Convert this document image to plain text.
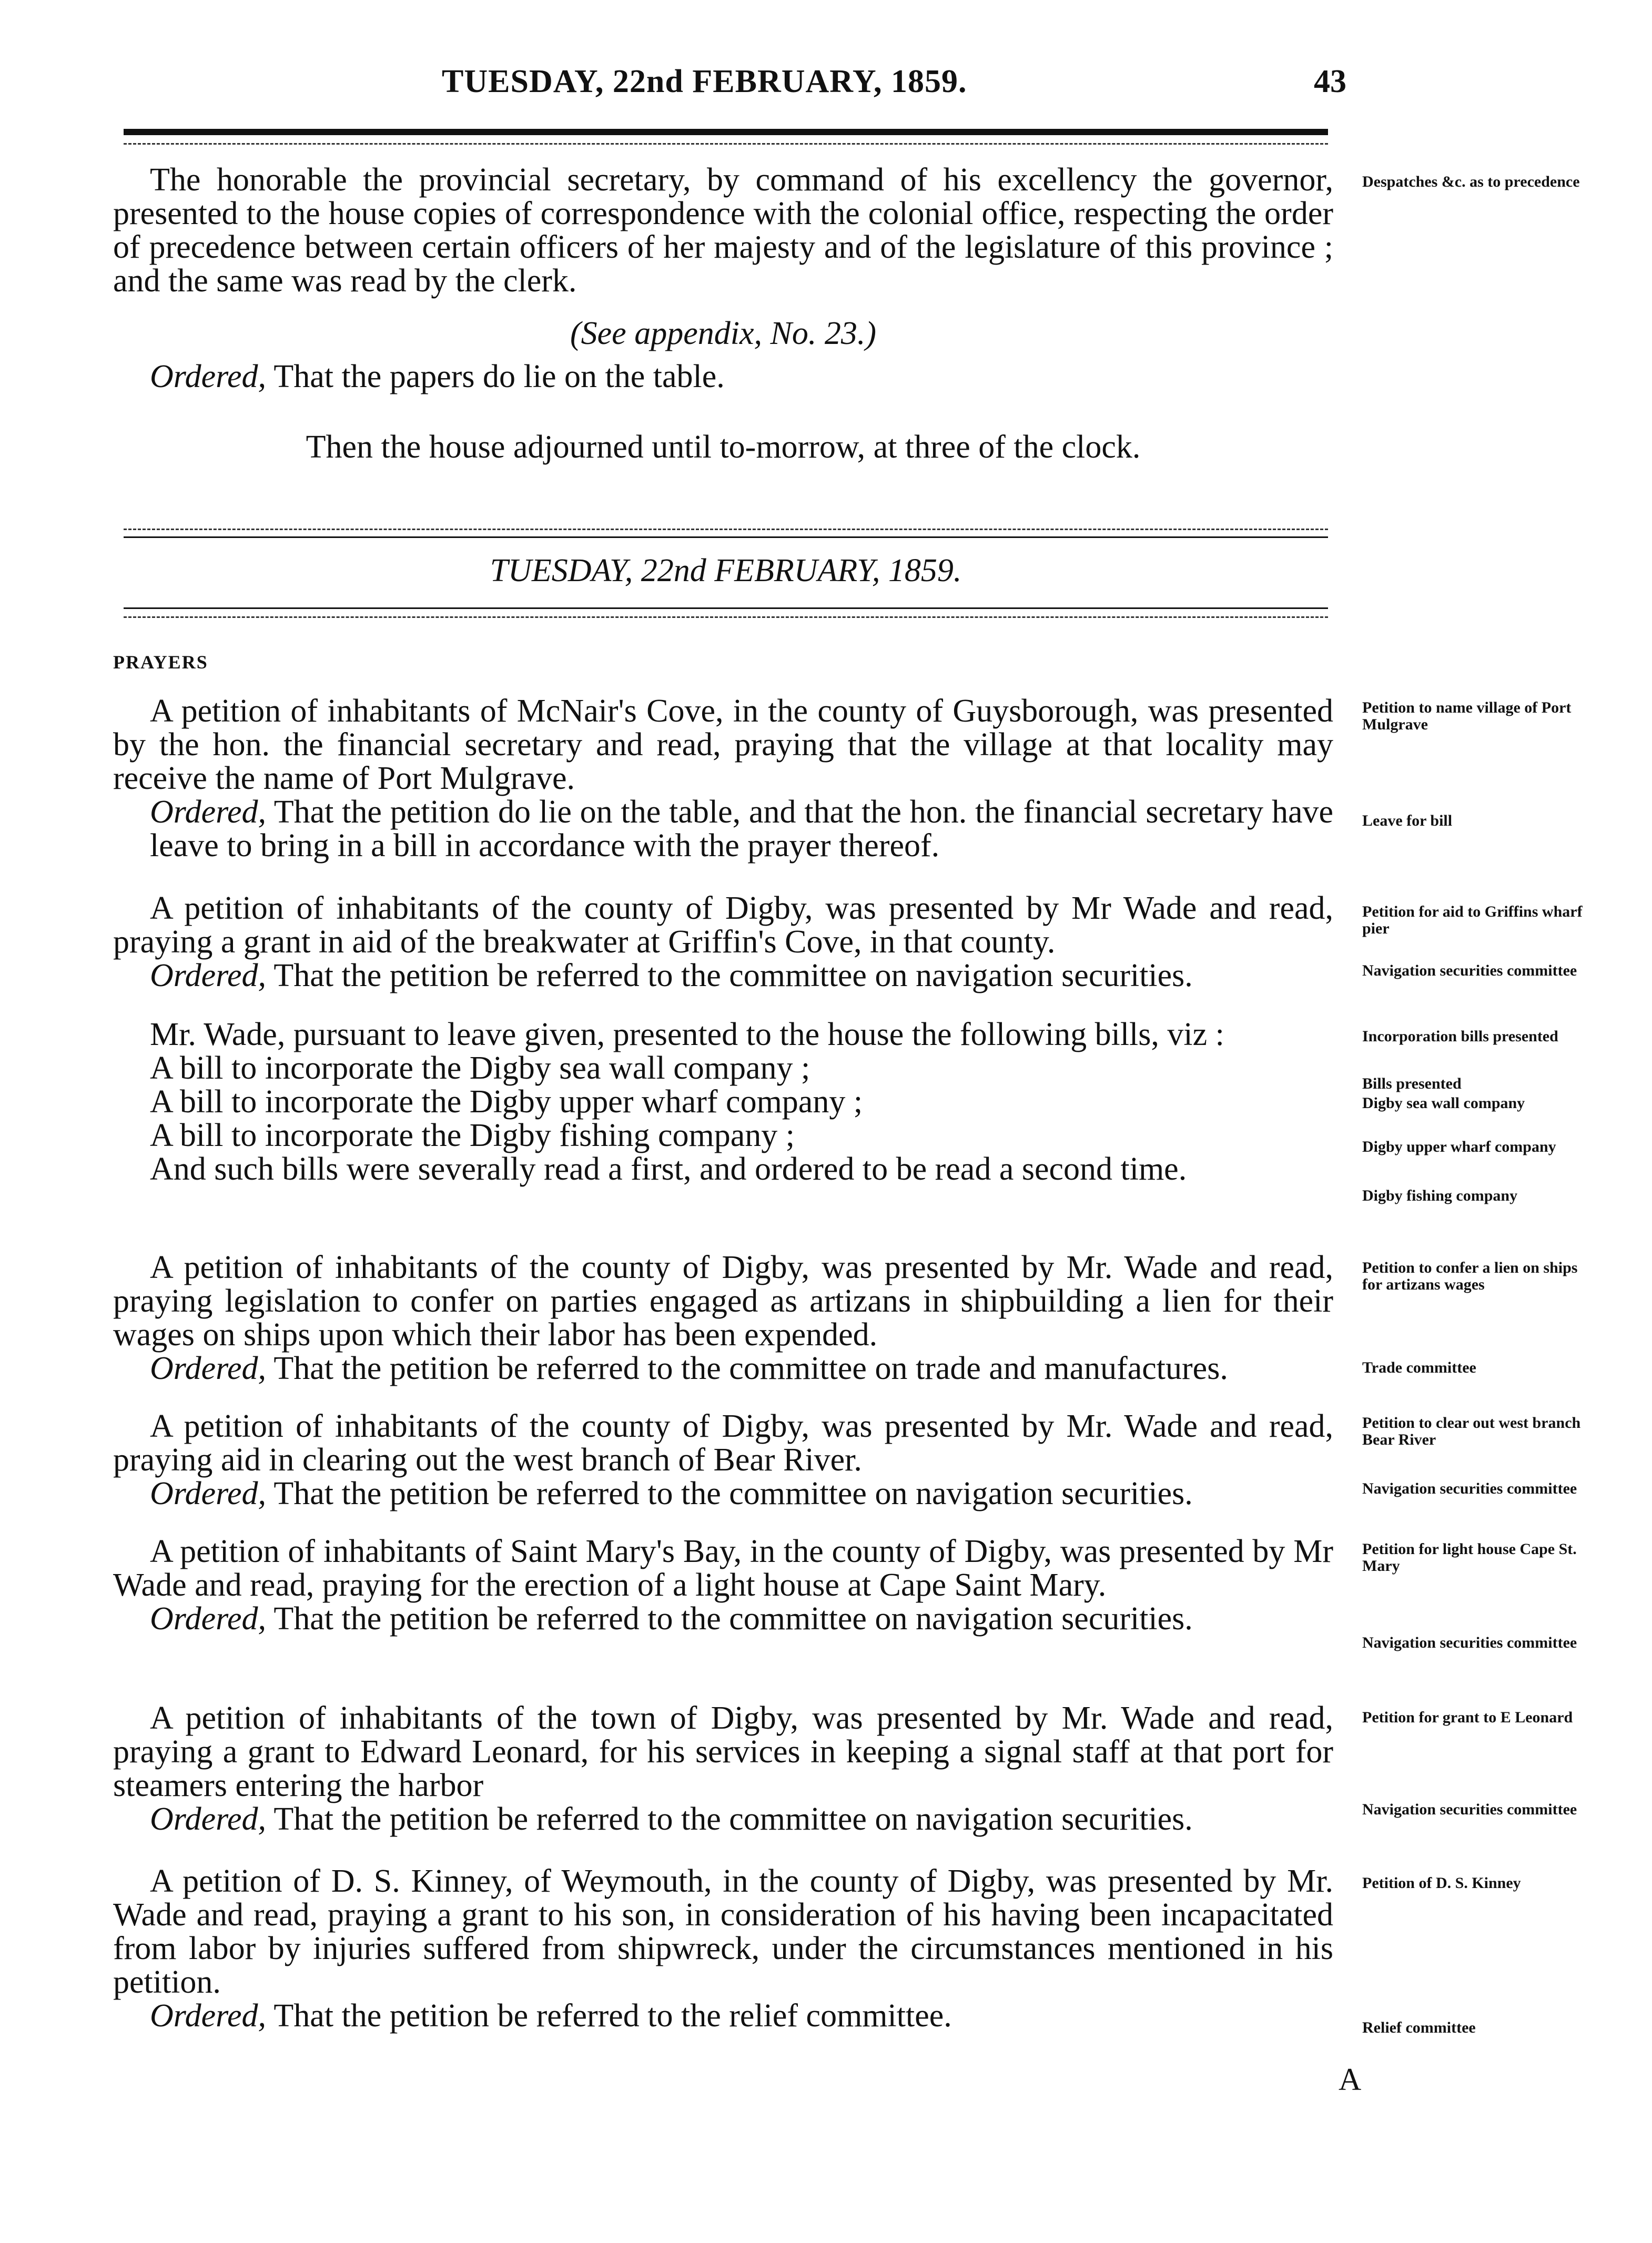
TUESDAY, 22nd FEBRUARY, 1859.	43

The honorable the provincial secretary, by command of his excellency the governor, presented to the house copies of correspondence with the colonial office, respecting the order of precedence between certain officers of her majesty and of the legislature of this province ; and the same was read by the clerk.

(See appendix, No. 23.)

Ordered, That the papers do lie on the table.

Then the house adjourned until to-morrow, at three of the clock.

Despatches &c. as to precedence
TUESDAY, 22nd FEBRUARY, 1859.
PRAYERS

A petition of inhabitants of McNair's Cove, in the county of Guysborough, was presented by the hon. the financial secretary and read, praying that the village at that locality may receive the name of Port Mulgrave.

Ordered, That the petition do lie on the table, and that the hon. the financial secretary have leave to bring in a bill in accordance with the prayer thereof.

Petition to name village of Port Mulgrave
Leave for bill

A petition of inhabitants of the county of Digby, was presented by Mr Wade and read, praying a grant in aid of the breakwater at Griffin's Cove, in that county.

Ordered, That the petition be referred to the committee on navigation securities.

Petition for aid to Griffins wharf pier
Navigation securities committee

Mr. Wade, pursuant to leave given, presented to the house the following bills, viz :

A bill to incorporate the Digby sea wall company ;

A bill to incorporate the Digby upper wharf company ;

A bill to incorporate the Digby fishing company ;

And such bills were severally read a first, and ordered to be read a second time.

Incorporation bills presented
Bills presented
Digby sea wall company
Digby upper wharf company
Digby fishing company

A petition of inhabitants of the county of Digby, was presented by Mr. Wade and read, praying legislation to confer on parties engaged as artizans in shipbuilding a lien for their wages on ships upon which their labor has been expended.

Ordered, That the petition be referred to the committee on trade and manufactures.

Petition to confer a lien on ships for artizans wages
Trade committee

A petition of inhabitants of the county of Digby, was presented by Mr. Wade and read, praying aid in clearing out the west branch of Bear River.

Ordered, That the petition be referred to the committee on navigation securities.

Petition to clear out west branch Bear River
Navigation securities committee

A petition of inhabitants of Saint Mary's Bay, in the county of Digby, was presented by Mr Wade and read, praying for the erection of a light house at Cape Saint Mary.

Ordered, That the petition be referred to the committee on navigation securities.

Petition for light house Cape St. Mary
Navigation securities committee

A petition of inhabitants of the town of Digby, was presented by Mr. Wade and read, praying a grant to Edward Leonard, for his services in keeping a signal staff at that port for steamers entering the harbor

Ordered, That the petition be referred to the committee on navigation securities.

Petition for grant to E Leonard
Navigation securities committee

A petition of D. S. Kinney, of Weymouth, in the county of Digby, was presented by Mr. Wade and read, praying a grant to his son, in consideration of his having been incapacitated from labor by injuries suffered from shipwreck, under the circumstances mentioned in his petition.

Ordered, That the petition be referred to the relief committee.

Petition of D. S. Kinney
Relief committee
A
